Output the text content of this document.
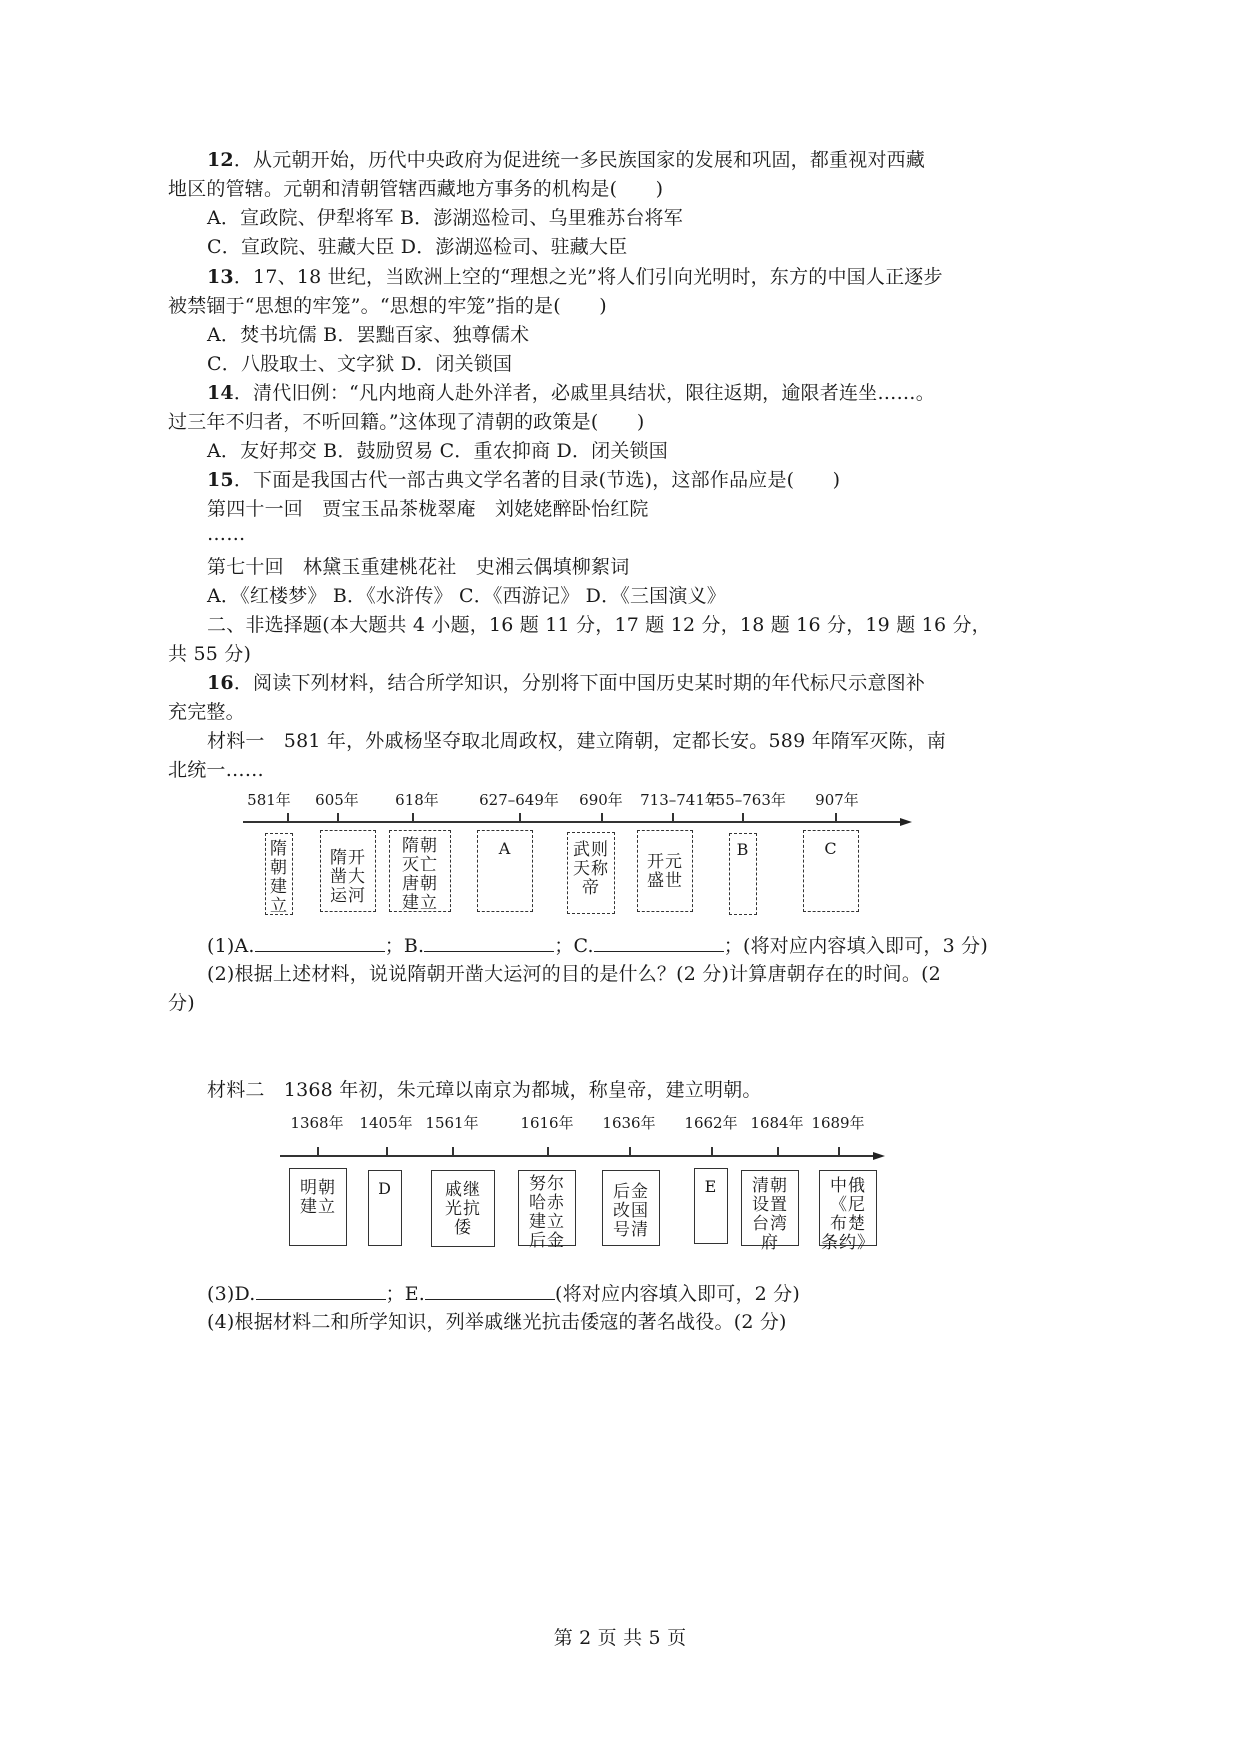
12．从元朝开始，历代中央政府为促进统一多民族国家的发展和巩固，都重视对西藏
地区的管辖。元朝和清朝管辖西藏地方事务的机构是(　　)
A．宣政院、伊犁将军 B．澎湖巡检司、乌里雅苏台将军
C．宣政院、驻藏大臣 D．澎湖巡检司、驻藏大臣
13．17、18 世纪，当欧洲上空的“理想之光”将人们引向光明时，东方的中国人正逐步
被禁锢于“思想的牢笼”。“思想的牢笼”指的是(　　)
A．焚书坑儒 B．罢黜百家、独尊儒术
C．八股取士、文字狱 D．闭关锁国
14．清代旧例：“凡内地商人赴外洋者，必戚里具结状，限往返期，逾限者连坐……。
过三年不归者，不听回籍。”这体现了清朝的政策是(　　)
A．友好邦交 B．鼓励贸易 C．重农抑商 D．闭关锁国
15．下面是我国古代一部古典文学名著的目录(节选)，这部作品应是(　　)
第四十一回　贾宝玉品茶栊翠庵　刘姥姥醉卧怡红院
……
第七十回　林黛玉重建桃花社　史湘云偶填柳絮词
A．《红楼梦》 B．《水浒传》 C．《西游记》 D．《三国演义》
二、非选择题(本大题共 4 小题，16 题 11 分，17 题 12 分，18 题 16 分，19 题 16 分，
共 55 分)
16．阅读下列材料，结合所学知识，分别将下面中国历史某时期的年代标尺示意图补
充完整。
材料一　581 年，外戚杨坚夺取北周政权，建立隋朝，定都长安。589 年隋军灭陈，南
北统一……
581年
隋
朝
建
立
605年
隋开
凿大
运河
618年
隋朝
灭亡
唐朝
建立
627–649年
A
690年
武则
天称
帝
713–741年
开元
盛世
755–763年
B
907年
C
(1)A.	；B.	；C.	；(将对应内容填入即可，3 分)
(2)根据上述材料，说说隋朝开凿大运河的目的是什么？(2 分)计算唐朝存在的时间。(2
分)
材料二　1368 年初，朱元璋以南京为都城，称皇帝，建立明朝。
1368年
明朝
建立
1405年
D
1561年
戚继
光抗
倭
1616年
努尔
哈赤
建立
后金
1636年
后金
改国
号清
1662年
E
1684年
清朝
设置
台湾
府
1689年
中俄
《尼
布楚
条约》
(3)D.	；E.	(将对应内容填入即可，2 分)
(4)根据材料二和所学知识，列举戚继光抗击倭寇的著名战役。(2 分)
第 2 页 共 5 页
